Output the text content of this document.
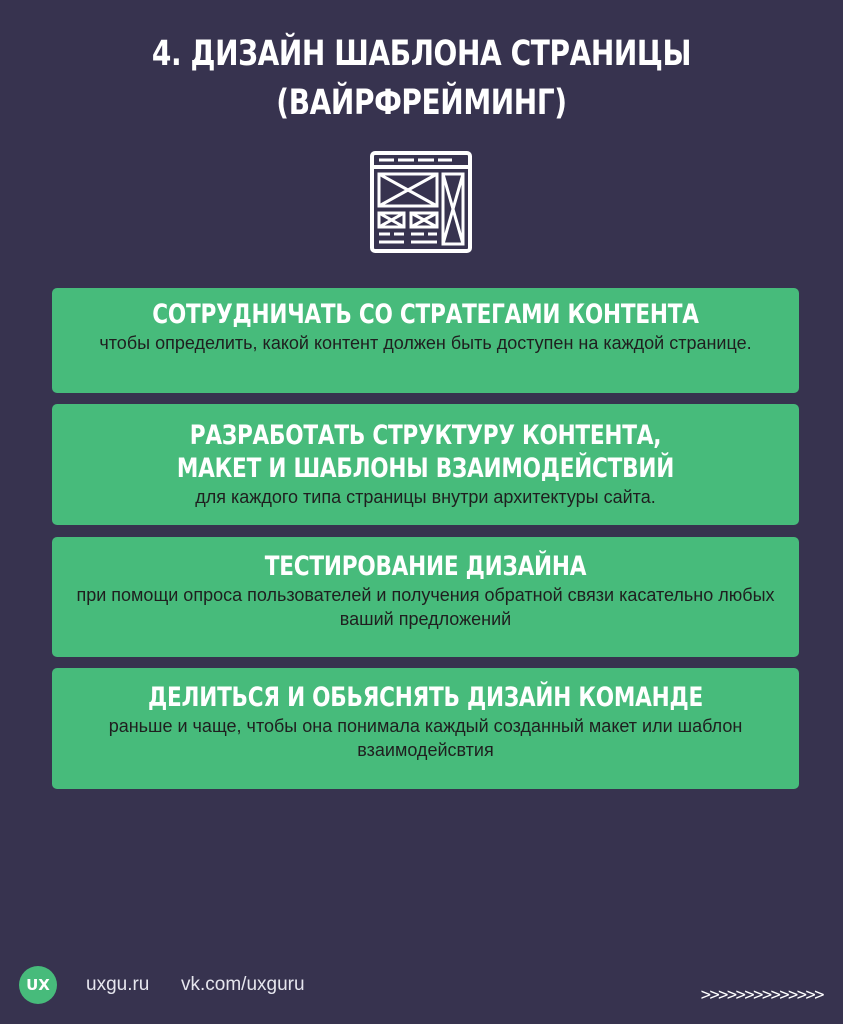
4. ДИЗАЙН ШАБЛОНА СТРАНИЦЫ
(ВАЙРФРЕЙМИНГ)
СОТРУДНИЧАТЬ СО СТРАТЕГАМИ КОНТЕНТА

чтобы определить, какой контент должен быть доступен на каждой странице.

РАЗРАБОТАТЬ СТРУКТУРУ КОНТЕНТА,
МАКЕТ И ШАБЛОНЫ ВЗАИМОДЕЙСТВИЙ

для каждого типа страницы внутри архитектуры сайта.

ТЕСТИРОВАНИЕ ДИЗАЙНА

при помощи опроса пользователей и получения обратной связи касательно любых ваший предложений

ДЕЛИТЬСЯ И ОБЬЯСНЯТЬ ДИЗАЙН КОМАНДЕ

раньше и чаще, чтобы она понимала каждый созданный макет или шаблон взаимодейсвтия

UX	uxgu.ru vk.com/uxguru	>>>>>>>>>>>>>>
